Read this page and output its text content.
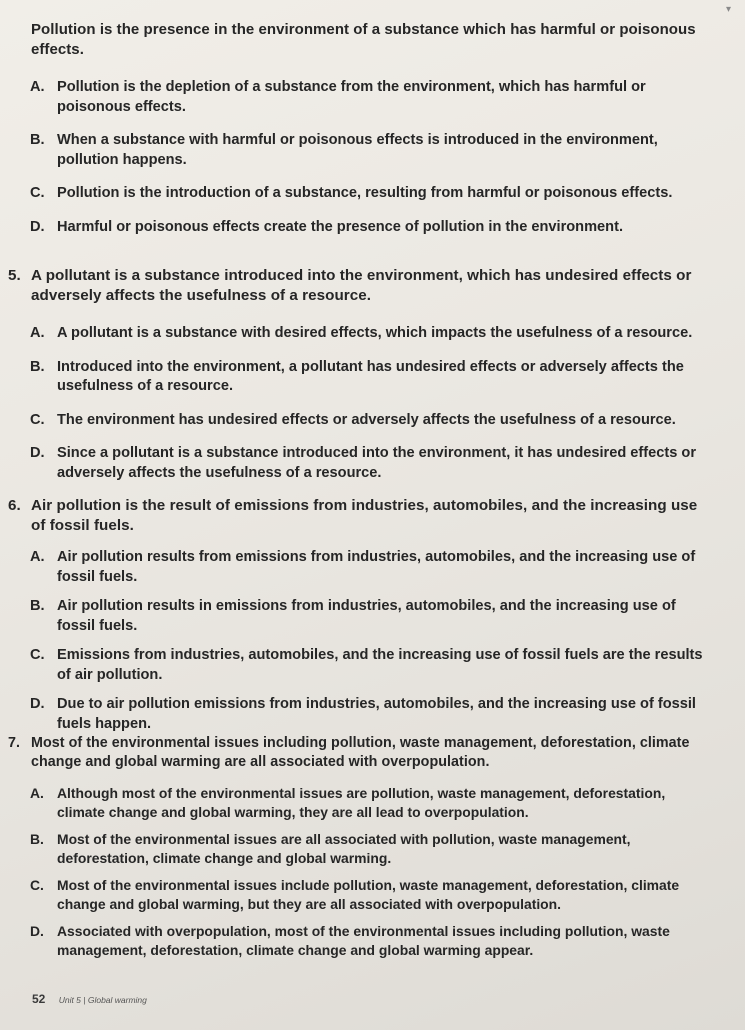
▾
Pollution is the presence in the environment of a substance which has harmful or poisonous effects.
A. Pollution is the depletion of a substance from the environment, which has harmful or poisonous effects.
B. When a substance with harmful or poisonous effects is introduced in the environment, pollution happens.
C. Pollution is the introduction of a substance, resulting from harmful or poisonous effects.
D. Harmful or poisonous effects create the presence of pollution in the environment.
5. A pollutant is a substance introduced into the environment, which has undesired effects or adversely affects the usefulness of a resource.
A. A pollutant is a substance with desired effects, which impacts the usefulness of a resource.
B. Introduced into the environment, a pollutant has undesired effects or adversely affects the usefulness of a resource.
C. The environment has undesired effects or adversely affects the usefulness of a resource.
D. Since a pollutant is a substance introduced into the environment, it has undesired effects or adversely affects the usefulness of a resource.
6. Air pollution is the result of emissions from industries, automobiles, and the increasing use of fossil fuels.
A. Air pollution results from emissions from industries, automobiles, and the increasing use of fossil fuels.
B. Air pollution results in emissions from industries, automobiles, and the increasing use of fossil fuels.
C. Emissions from industries, automobiles, and the increasing use of fossil fuels are the results of air pollution.
D. Due to air pollution emissions from industries, automobiles, and the increasing use of fossil fuels happen.
7. Most of the environmental issues including pollution, waste management, deforestation, climate change and global warming are all associated with overpopulation.
A. Although most of the environmental issues are pollution, waste management, deforestation, climate change and global warming, they are all lead to overpopulation.
B. Most of the environmental issues are all associated with pollution, waste management, deforestation, climate change and global warming.
C. Most of the environmental issues include pollution, waste management, deforestation, climate change and global warming, but they are all associated with overpopulation.
D. Associated with overpopulation, most of the environmental issues including pollution, waste management, deforestation, climate change and global warming appear.
52 Unit 5 | Global warming
